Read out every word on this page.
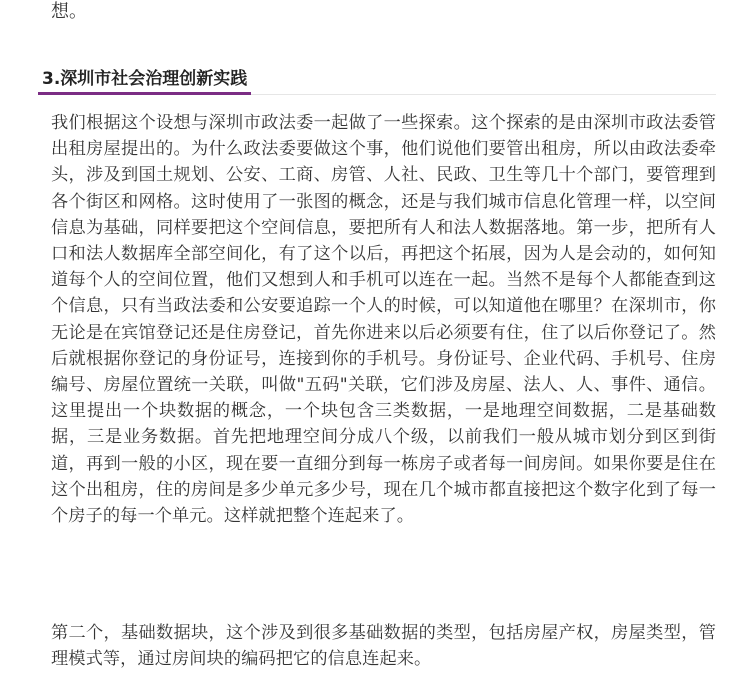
想。
3.深圳市社会治理创新实践

我们根据这个设想与深圳市政法委一起做了一些探索。这个探索的是由深圳市政法委管出租房屋提出的。为什么政法委要做这个事，他们说他们要管出租房，所以由政法委牵头，涉及到国土规划、公安、工商、房管、人社、民政、卫生等几十个部门，要管理到各个街区和网格。这时使用了一张图的概念，还是与我们城市信息化管理一样，以空间信息为基础，同样要把这个空间信息，要把所有人和法人数据落地。第一步，把所有人口和法人数据库全部空间化，有了这个以后，再把这个拓展，因为人是会动的，如何知道每个人的空间位置，他们又想到人和手机可以连在一起。当然不是每个人都能查到这个信息，只有当政法委和公安要追踪一个人的时候，可以知道他在哪里？在深圳市，你无论是在宾馆登记还是住房登记，首先你进来以后必须要有住，住了以后你登记了。然后就根据你登记的身份证号，连接到你的手机号。身份证号、企业代码、手机号、住房编号、房屋位置统一关联，叫做"五码"关联，它们涉及房屋、法人、人、事件、通信。这里提出一个块数据的概念，一个块包含三类数据，一是地理空间数据，二是基础数据，三是业务数据。首先把地理空间分成八个级，以前我们一般从城市划分到区到街道，再到一般的小区，现在要一直细分到每一栋房子或者每一间房间。如果你要是住在这个出租房，住的房间是多少单元多少号，现在几个城市都直接把这个数字化到了每一个房子的每一个单元。这样就把整个连起来了。

第二个，基础数据块，这个涉及到很多基础数据的类型，包括房屋产权，房屋类型，管理模式等，通过房间块的编码把它的信息连起来。
